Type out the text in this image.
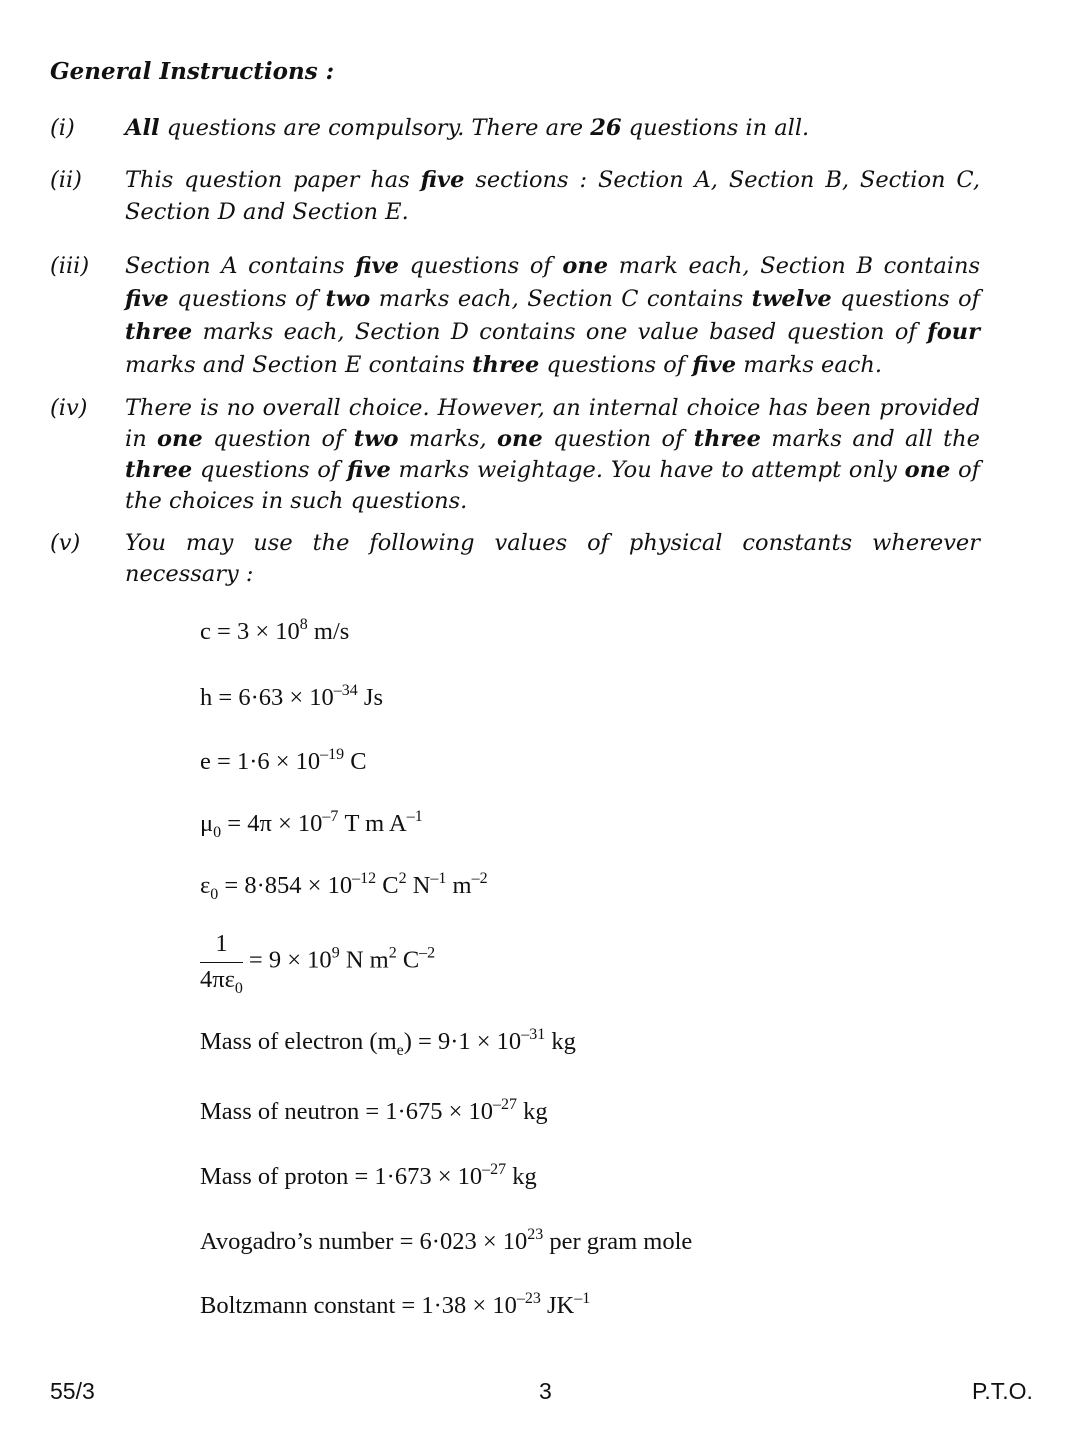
General Instructions :
(i)	All questions are compulsory. There are 26 questions in all.
(ii)	This question paper has five sections : Section A, Section B, Section C, Section D and Section E.
(iii)	Section A contains five questions of one mark each, Section B contains five questions of two marks each, Section C contains twelve questions of three marks each, Section D contains one value based question of four marks and Section E contains three questions of five marks each.
(iv)	There is no overall choice. However, an internal choice has been provided in one question of two marks, one question of three marks and all the three questions of five marks weightage. You have to attempt only one of the choices in such questions.
(v)	You may use the following values of physical constants wherever necessary :
$c = 3 \times 10^8$ m/s
$h = 6\cdot 63 \times 10^{-34}$ Js
$e = 1\cdot 6 \times 10^{-19}$ C
$\mu_0 = 4\pi \times 10^{-7}$ T m $A^{-1}$
$\varepsilon_0 = 8\cdot 854 \times 10^{-12}$ $C^2$ $N^{-1}$ $m^{-2}$
$\frac{1}{4\pi\varepsilon_0} = 9 \times 10^9$ N $m^2$ $C^{-2}$
Mass of electron $(m_e) = 9\cdot 1 \times 10^{-31}$ kg
Mass of neutron = $1\cdot 675 \times 10^{-27}$ kg
Mass of proton = $1\cdot 673 \times 10^{-27}$ kg
Avogadro’s number = $6\cdot 023 \times 10^{23}$ per gram mole
Boltzmann constant = $1\cdot 38 \times 10^{-23}$ $JK^{-1}$
55/3	3	P.T.O.
